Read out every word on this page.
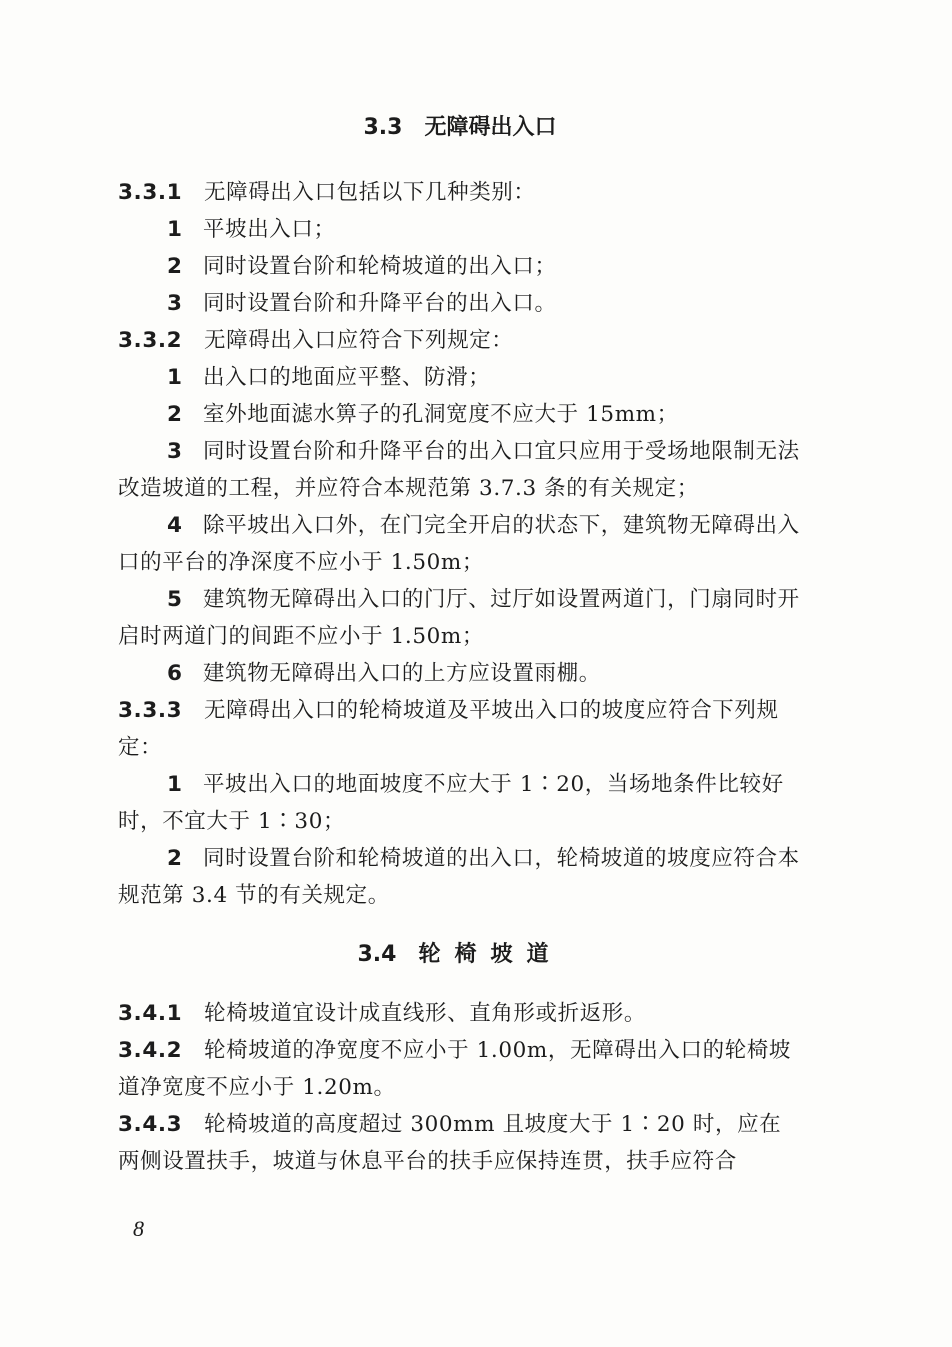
3.3 无障碍出入口

3.3.1 无障碍出入口包括以下几种类别：

1 平坡出入口；

2 同时设置台阶和轮椅坡道的出入口；

3 同时设置台阶和升降平台的出入口。

3.3.2 无障碍出入口应符合下列规定：

1 出入口的地面应平整、防滑；

2 室外地面滤水箅子的孔洞宽度不应大于 15mm；

3 同时设置台阶和升降平台的出入口宜只应用于受场地限制无法改造坡道的工程，并应符合本规范第 3.7.3 条的有关规定；

4 除平坡出入口外，在门完全开启的状态下，建筑物无障碍出入口的平台的净深度不应小于 1.50m；

5 建筑物无障碍出入口的门厅、过厅如设置两道门，门扇同时开启时两道门的间距不应小于 1.50m；

6 建筑物无障碍出入口的上方应设置雨棚。

3.3.3 无障碍出入口的轮椅坡道及平坡出入口的坡度应符合下列规定：

1 平坡出入口的地面坡度不应大于 1∶20，当场地条件比较好时，不宜大于 1∶30；

2 同时设置台阶和轮椅坡道的出入口，轮椅坡道的坡度应符合本规范第 3.4 节的有关规定。

3.4 轮椅坡道

3.4.1 轮椅坡道宜设计成直线形、直角形或折返形。

3.4.2 轮椅坡道的净宽度不应小于 1.00m，无障碍出入口的轮椅坡道净宽度不应小于 1.20m。

3.4.3 轮椅坡道的高度超过 300mm 且坡度大于 1∶20 时，应在两侧设置扶手，坡道与休息平台的扶手应保持连贯，扶手应符合

8
